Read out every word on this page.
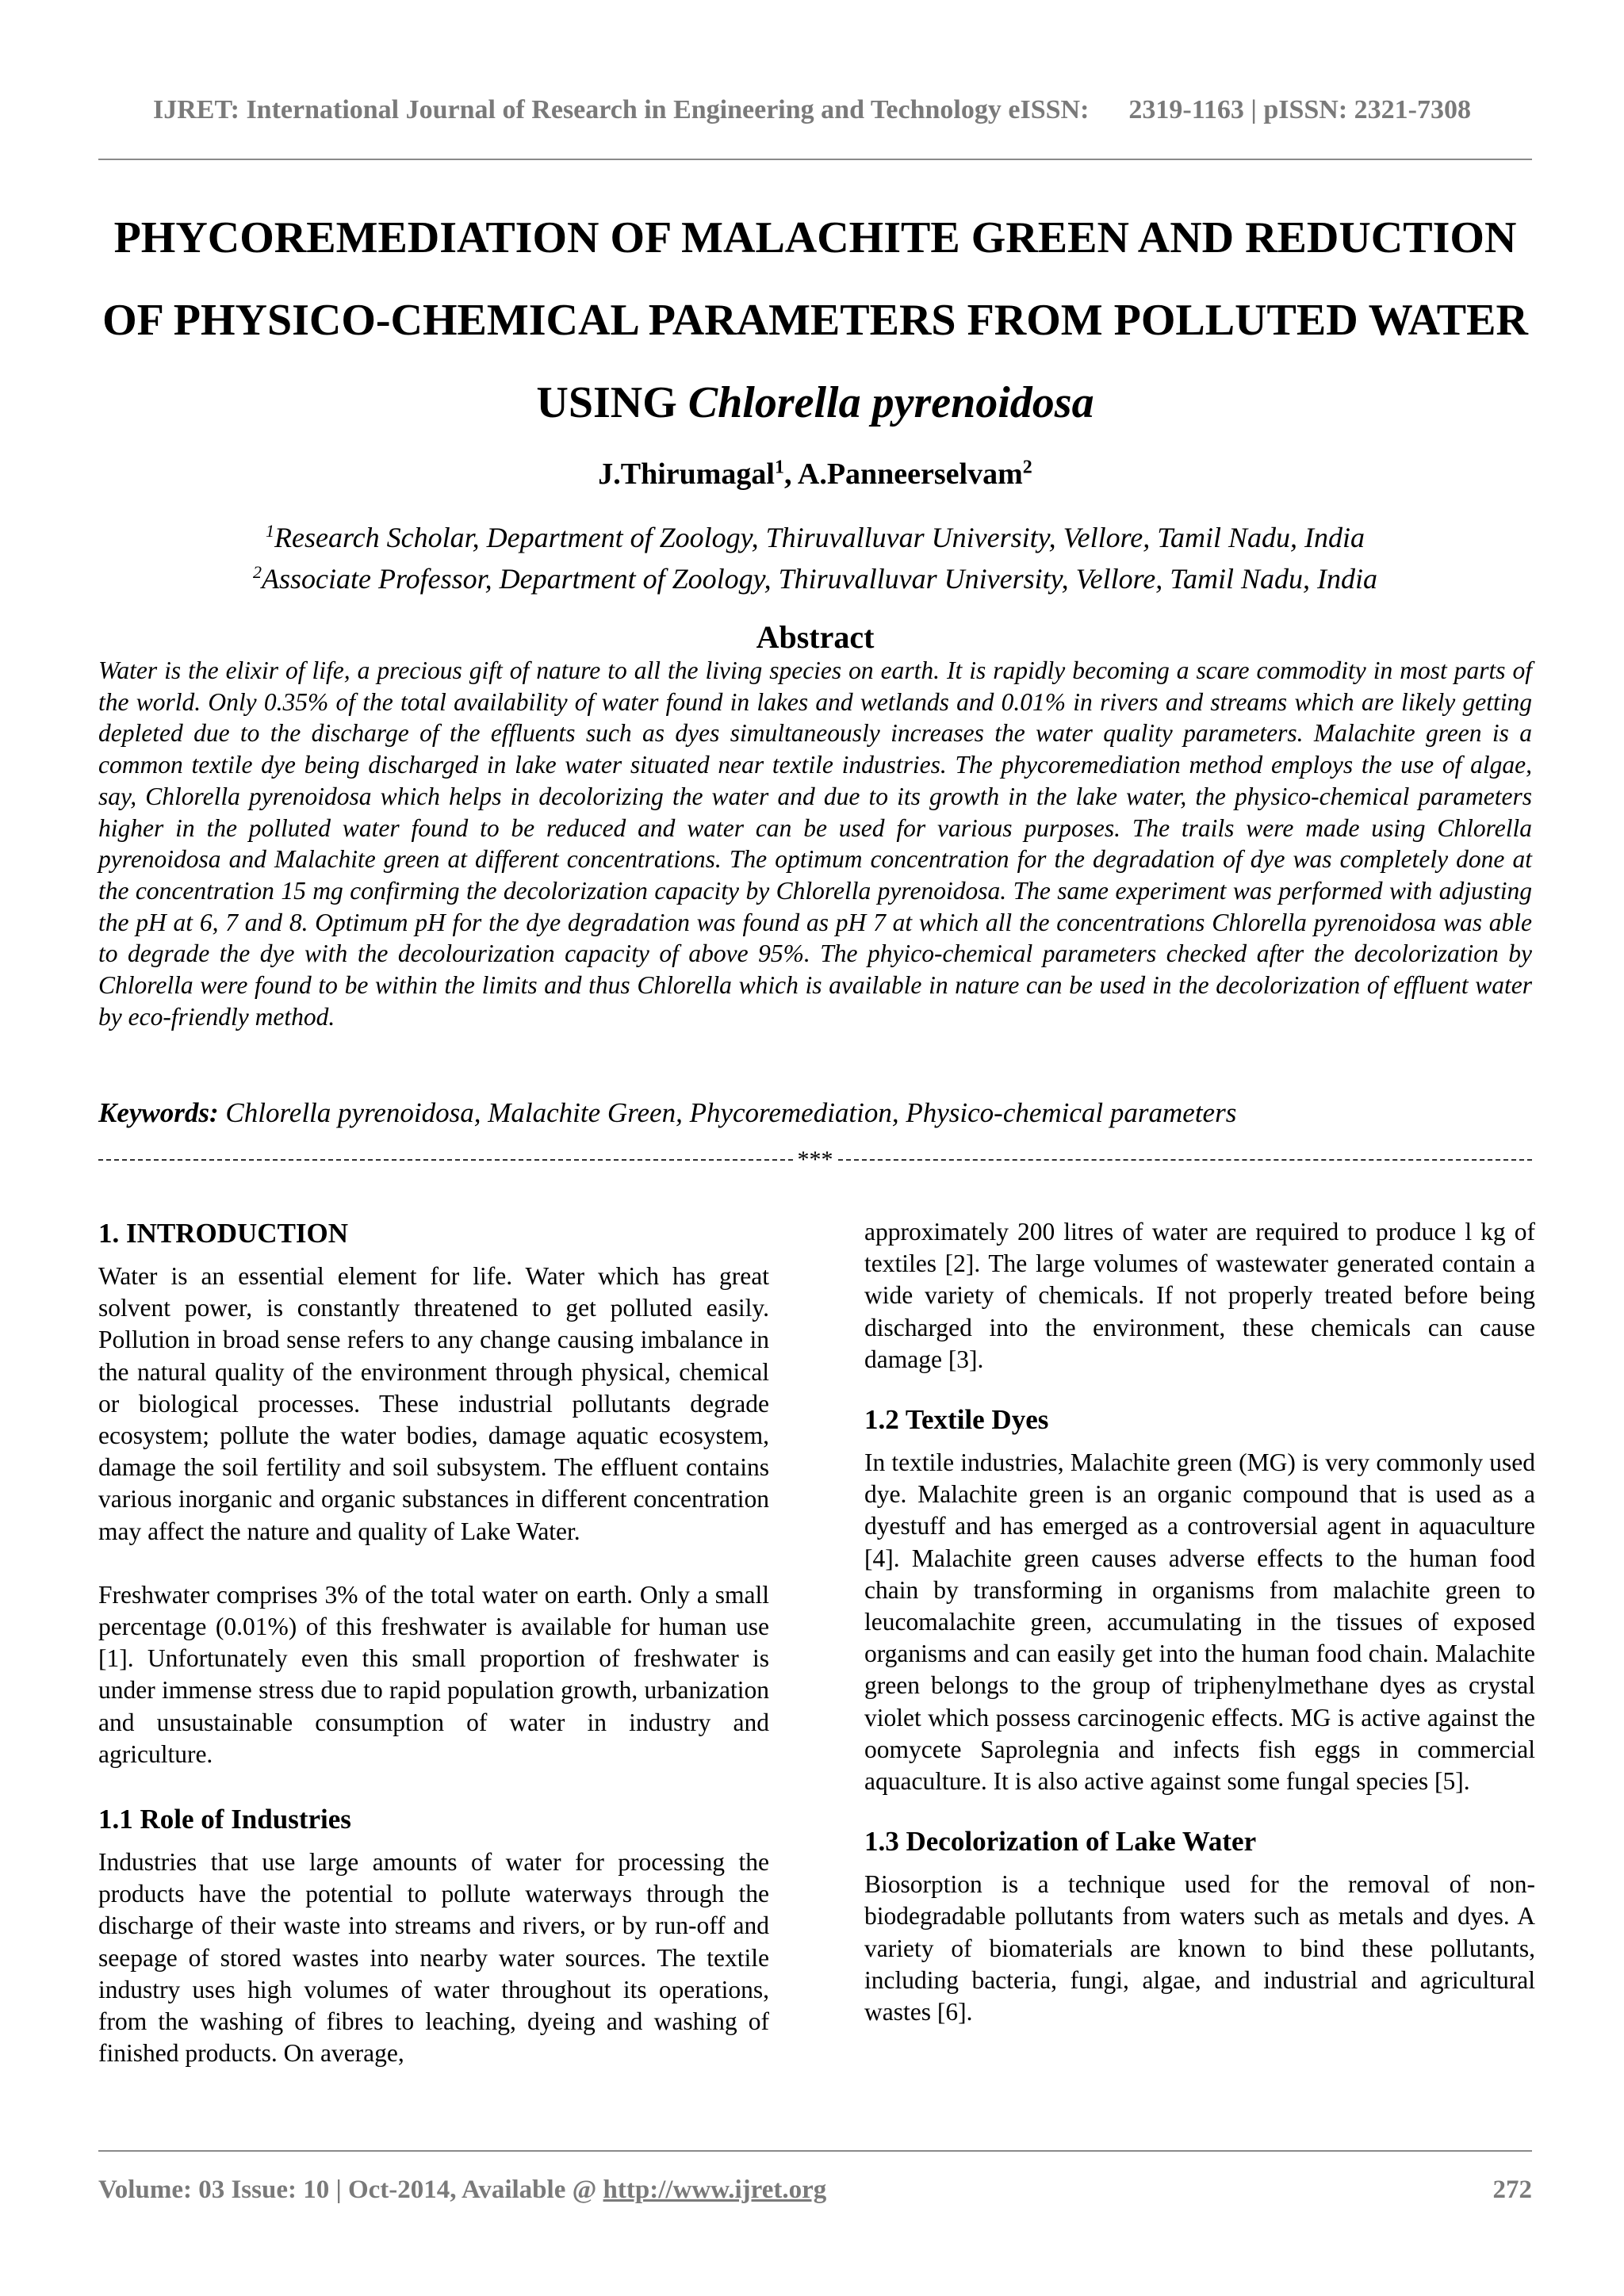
IJRET: International Journal of Research in Engineering and Technology eISSN: 2319-1163 | pISSN: 2321-7308
PHYCOREMEDIATION OF MALACHITE GREEN AND REDUCTION
OF PHYSICO-CHEMICAL PARAMETERS FROM POLLUTED WATER
USING Chlorella pyrenoidosa
J.Thirumagal$^1$, A.Panneerselvam$^2$
$^1$Research Scholar, Department of Zoology, Thiruvalluvar University, Vellore, Tamil Nadu, India
$^2$Associate Professor, Department of Zoology, Thiruvalluvar University, Vellore, Tamil Nadu, India
Abstract
Water is the elixir of life, a precious gift of nature to all the living species on earth. It is rapidly becoming a scare commodity in most parts of the world. Only 0.35% of the total availability of water found in lakes and wetlands and 0.01% in rivers and streams which are likely getting depleted due to the discharge of the effluents such as dyes simultaneously increases the water quality parameters. Malachite green is a common textile dye being discharged in lake water situated near textile industries. The phycoremediation method employs the use of algae, say, Chlorella pyrenoidosa which helps in decolorizing the water and due to its growth in the lake water, the physico-chemical parameters higher in the polluted water found to be reduced and water can be used for various purposes. The trails were made using Chlorella pyrenoidosa and Malachite green at different concentrations. The optimum concentration for the degradation of dye was completely done at the concentration 15 mg confirming the decolorization capacity by Chlorella pyrenoidosa. The same experiment was performed with adjusting the pH at 6, 7 and 8. Optimum pH for the dye degradation was found as pH 7 at which all the concentrations Chlorella pyrenoidosa was able to degrade the dye with the decolourization capacity of above 95%. The phyico-chemical parameters checked after the decolorization by Chlorella were found to be within the limits and thus Chlorella which is available in nature can be used in the decolorization of effluent water by eco-friendly method.
Keywords: Chlorella pyrenoidosa, Malachite Green, Phycoremediation, Physico-chemical parameters
***
1. INTRODUCTION

Water is an essential element for life. Water which has great solvent power, is constantly threatened to get polluted easily. Pollution in broad sense refers to any change causing imbalance in the natural quality of the environment through physical, chemical or biological processes. These industrial pollutants degrade ecosystem; pollute the water bodies, damage aquatic ecosystem, damage the soil fertility and soil subsystem. The effluent contains various inorganic and organic substances in different concentration may affect the nature and quality of Lake Water.

Freshwater comprises 3% of the total water on earth. Only a small percentage (0.01%) of this freshwater is available for human use [1]. Unfortunately even this small proportion of freshwater is under immense stress due to rapid population growth, urbanization and unsustainable consumption of water in industry and agriculture.

1.1 Role of Industries

Industries that use large amounts of water for processing the products have the potential to pollute waterways through the discharge of their waste into streams and rivers, or by run-off and seepage of stored wastes into nearby water sources. The textile industry uses high volumes of water throughout its operations, from the washing of fibres to leaching, dyeing and washing of finished products. On average,

approximately 200 litres of water are required to produce l kg of textiles [2]. The large volumes of wastewater generated contain a wide variety of chemicals. If not properly treated before being discharged into the environment, these chemicals can cause damage [3].

1.2 Textile Dyes

In textile industries, Malachite green (MG) is very commonly used dye. Malachite green is an organic compound that is used as a dyestuff and has emerged as a controversial agent in aquaculture [4]. Malachite green causes adverse effects to the human food chain by transforming in organisms from malachite green to leucomalachite green, accumulating in the tissues of exposed organisms and can easily get into the human food chain. Malachite green belongs to the group of triphenylmethane dyes as crystal violet which possess carcinogenic effects. MG is active against the oomycete Saprolegnia and infects fish eggs in commercial aquaculture. It is also active against some fungal species [5].

1.3 Decolorization of Lake Water

Biosorption is a technique used for the removal of non-biodegradable pollutants from waters such as metals and dyes. A variety of biomaterials are known to bind these pollutants, including bacteria, fungi, algae, and industrial and agricultural wastes [6].

Volume: 03 Issue: 10 | Oct-2014, Available @ http://www.ijret.org	272
